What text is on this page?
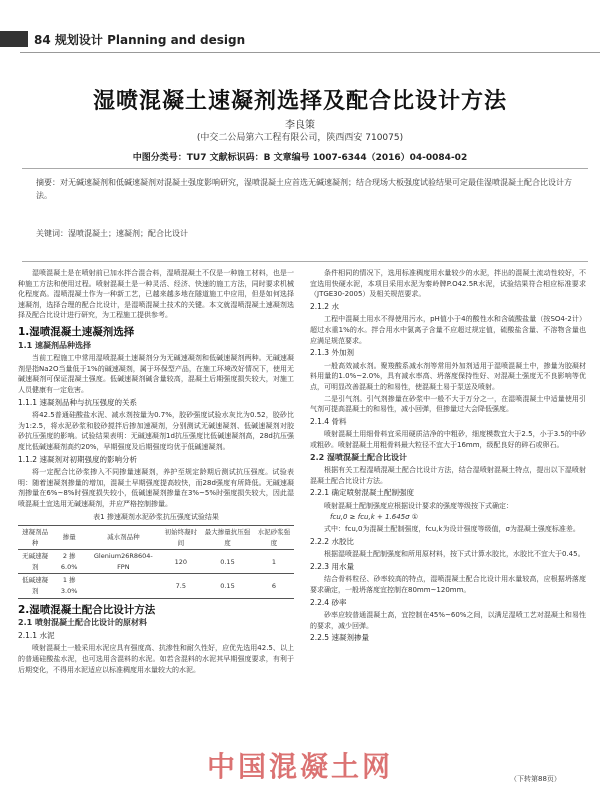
84 规划设计 Planning and design
湿喷混凝土速凝剂选择及配合比设计方法
李良策
(中交二公局第六工程有限公司，陕西西安 710075)
中图分类号：TU7 文献标识码：B 文章编号 1007-6344（2016）04-0084-02
摘要：对无碱速凝剂和低碱速凝剂对混凝土强度影响研究，湿喷混凝土应首选无碱速凝剂；结合现场大板强度试验结果可定最佳湿喷混凝土配合比设计方法。
关键词：湿喷混凝土；速凝剂；配合比设计

湿喷混凝土是在喷射前已加水拌合混合料，湿喷混凝土不仅是一种施工材料，也是一种施工方法和使用过程。喷射混凝土是一种灵活、经济、快速的施工方法，同时要求机械化程度高。湿喷混凝土作为一种新工艺，已越来越多地在隧道施工中应用，但是如何选择速凝剂，选择合理的配合比设计，是湿喷混凝土技术的关键。本文就湿喷混凝土速凝剂选择及配合比设计进行研究，为工程施工提供参考。

1.湿喷混凝土速凝剂选择
1.1 速凝剂品种选择

当前工程施工中常用湿喷混凝土速凝剂分为无碱速凝剂和低碱速凝剂两种。无碱速凝剂是指Na2O当量低于1%的碱速凝剂，属于环保型产品，在施工环境改好情况下，使用无碱速凝剂可保证混凝土强度。低碱速凝剂碱含量较高，混凝土后期强度损失较大，对施工人员健康有一定危害。

1.1.1 速凝剂品种与抗压强度的关系

将42.5普通硅酸盐水泥、减水剂按量为0.7%，胶砂强度试验水灰比为0.52，胶砂比为1:2.5，将水泥砂浆和胶砂搅拌后掺加速凝剂，分别测试无碱速凝剂、低碱速凝剂对胶砂抗压强度的影响。试验结果表明：无碱速凝剂1d抗压强度比低碱速凝剂高，28d抗压强度比低碱速凝剂高约20%，早期强度及后期强度均优于低碱速凝剂。

1.1.2 速凝剂对初期强度的影响分析

将一定配合比砂浆掺入不同掺量速凝剂，养护至规定龄期后测试抗压强度。试验表明：随着速凝剂掺量的增加，混凝土早期强度提高较快，而28d强度有所降低。无碱速凝剂掺量在6%~8%时强度损失较小，低碱速凝剂掺量在3%~5%时强度损失较大，因此湿喷混凝土宜选用无碱速凝剂，并应严格控制掺量。

表1 掺速凝剂水泥砂浆抗压强度试验结果
速凝剂品种	掺量	减水剂品种	初始终凝时间	最大掺量抗压强度	水泥砂浆强度
无碱速凝剂	2 掺 6.0%	Glenium26R8604-FPN	120	0.15	1
低碱速凝剂	1 掺 3.0%		7.5	0.15	6
2.湿喷混凝土配合比设计方法
2.1 喷射混凝土配合比设计的原材料
2.1.1 水泥

喷射混凝土一般采用水泥应具有强度高、抗渗性和耐久性好，应优先选用42.5、以上的普通硅酸盐水泥，也可选用含混料的水泥。如若含混料的水泥其早期强度要求，有利于后期变化，不得用水泥适应以标准稠度用水量较大的水泥。

条件相同的情况下，选用标准稠度用水量较少的水泥，拌出的混凝土流动性较好，不宜选用快硬水泥，本项目采用水泥为秦岭牌P.O42.5R水泥，试验结果符合相应标准要求（JTGE30-2005）及相关规范要求。

2.1.2 水

工程中混凝土用水不得使用污水，pH值小于4的酸性水和含硫酸盐量（按SO4-2计）超过水重1%的水。拌合用水中氯离子含量不应超过规定值，硫酸盐含量、不溶物含量也应满足规范要求。

2.1.3 外加剂

一般高效减水剂。聚羧酸系减水剂等常用外加剂适用于湿喷混凝土中，掺量为胶凝材料用量的1.0%~2.0%，具有减水率高、坍落度保持性好、对混凝土强度无不良影响等优点，可明显改善混凝土的和易性，使混凝土易于泵送及喷射。

二是引气剂。引气剂掺量在砂浆中一般不大于万分之一，在湿喷混凝土中适量使用引气剂可提高混凝土的和易性，减小回弹，但掺量过大会降低强度。

2.1.4 骨料

喷射混凝土用细骨料宜采用硬质洁净的中粗砂，细度模数宜大于2.5，小于3.5的中砂或粗砂。喷射混凝土用粗骨料最大粒径不宜大于16mm，级配良好的碎石或卵石。

2.2 湿喷混凝土配合比设计

根据有关工程湿喷混凝土配合比设计方法，结合湿喷射混凝土特点，提出以下湿喷射混凝土配合比设计方法。

2.2.1 确定喷射混凝土配制强度

喷射混凝土配制强度应根据设计要求的强度等级按下式确定：

fcu,0 ≥ fcu,k + 1.645σ ①

式中：fcu,0为混凝土配制强度，fcu,k为设计强度等级值，σ为混凝土强度标准差。

2.2.2 水胶比

根据湿喷混凝土配制强度和所用原材料，按下式计算水胶比，水胶比不宜大于0.45。

2.2.3 用水量

结合骨料粒径、砂率较高的特点，湿喷混凝土配合比设计用水量较高，应根据坍落度要求确定，一般坍落度宜控制在80mm~120mm。

2.2.4 砂率

砂率应较普通混凝土高，宜控制在45%~60%之间，以满足湿喷工艺对混凝土和易性的要求，减少回弹。

2.2.5 速凝剂掺量
（下转第88页）
中国混凝土网
